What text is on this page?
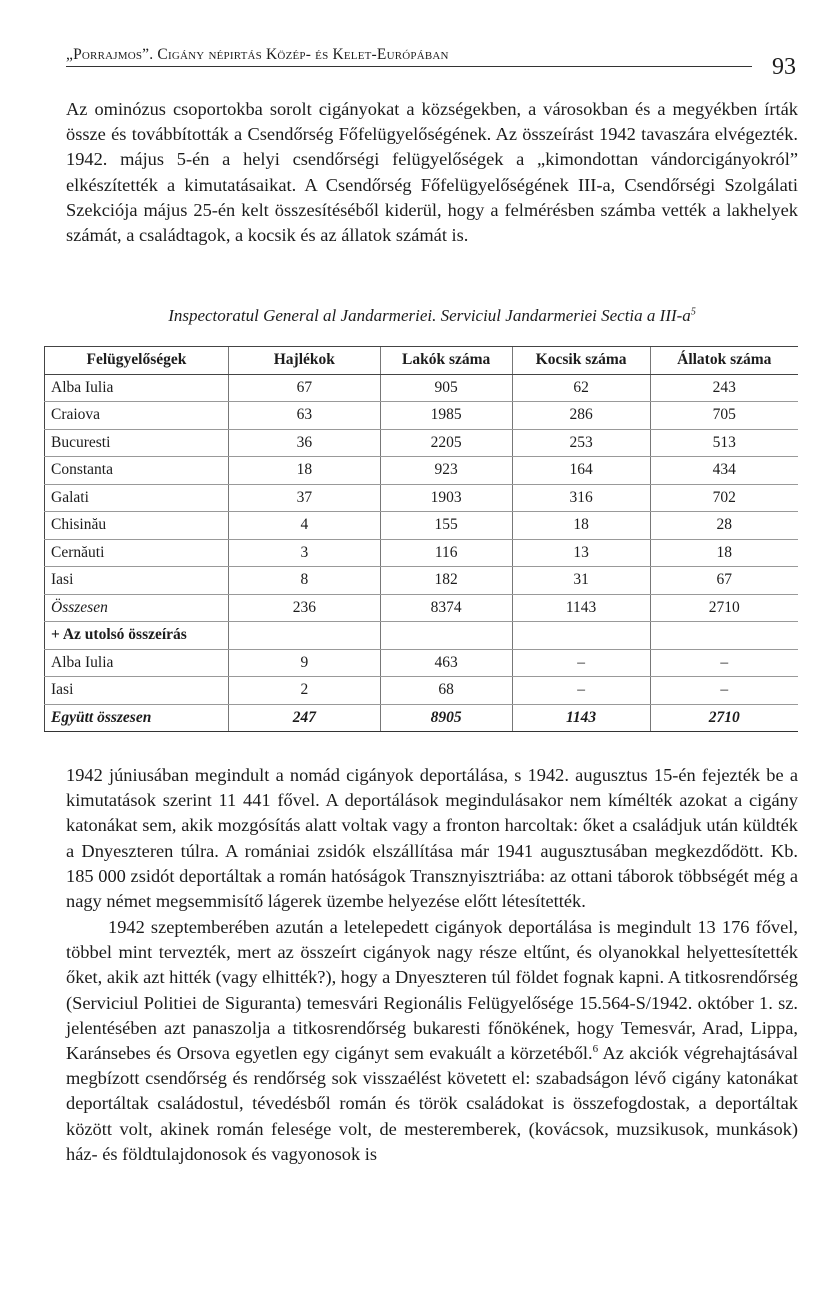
„Porrajmos”. Cigány népirtás Közép- és Kelet-Európában	93

Az ominózus csoportokba sorolt cigányokat a községekben, a városokban és a megyékben írták össze és továbbították a Csendőrség Főfelügyelőségének. Az összeírást 1942 tavaszára elvégezték. 1942. május 5-én a helyi csendőrségi felügyelőségek a „kimondottan vándorcigányokról” elkészítették a kimutatásaikat. A Csendőrség Főfelügyelőségének III-a, Csendőrségi Szolgálati Szekciója május 25-én kelt összesítéséből kiderül, hogy a felmérésben számba vették a lakhelyek számát, a családtagok, a kocsik és az állatok számát is.

Inspectoratul General al Jandarmeriei. Serviciul Jandarmeriei Sectia a III-$a^5$
Felügyelőségek	Hajlékok	Lakók száma	Kocsik száma	Állatok száma
Alba Iulia	67	905	62	243
Craiova	63	1985	286	705
Bucuresti	36	2205	253	513
Constanta	18	923	164	434
Galati	37	1903	316	702
Chisinău	4	155	18	28
Cernăuti	3	116	13	18
Iasi	8	182	31	67
Összesen	236	8374	1143	2710
+ Az utolsó összeírás				
Alba Iulia	9	463	–	–
Iasi	2	68	–	–
Együtt összesen	247	8905	1143	2710

1942 júniusában megindult a nomád cigányok deportálása, s 1942. augusztus 15-én fejezték be a kimutatások szerint 11 441 fővel. A deportálások megindulásakor nem kímélték azokat a cigány katonákat sem, akik mozgósítás alatt voltak vagy a fronton harcoltak: őket a családjuk után küldték a Dnyeszteren túlra. A romániai zsidók elszállítása már 1941 augusztusában megkezdődött. Kb. 185 000 zsidót deportáltak a román hatóságok Transznyisztriába: az ottani táborok többségét még a nagy német megsemmisítő lágerek üzembe helyezése előtt létesítették.

1942 szeptemberében azután a letelepedett cigányok deportálása is megindult 13 176 fővel, többel mint tervezték, mert az összeírt cigányok nagy része eltűnt, és olyanokkal helyettesítették őket, akik azt hitték (vagy elhitték?), hogy a Dnyeszteren túl földet fognak kapni. A titkosrendőrség (Serviciul Politiei de Siguranta) temesvári Regionális Felügyelősége 15.564-S/1942. október 1. sz. jelentésében azt panaszolja a titkosrendőrség bukaresti főnökének, hogy Temesvár, Arad, Lippa, Karánsebes és Orsova egyetlen egy cigányt sem evakuált a körzetéből.$^6$ Az akciók végrehajtásával megbízott csendőrség és rendőrség sok visszaélést követett el: szabadságon lévő cigány katonákat deportáltak családostul, tévedésből román és török családokat is összefogdostak, a deportáltak között volt, akinek román felesége volt, de mesteremberek, (kovácsok, muzsikusok, munkások) ház- és földtulajdonosok és vagyonosok is
